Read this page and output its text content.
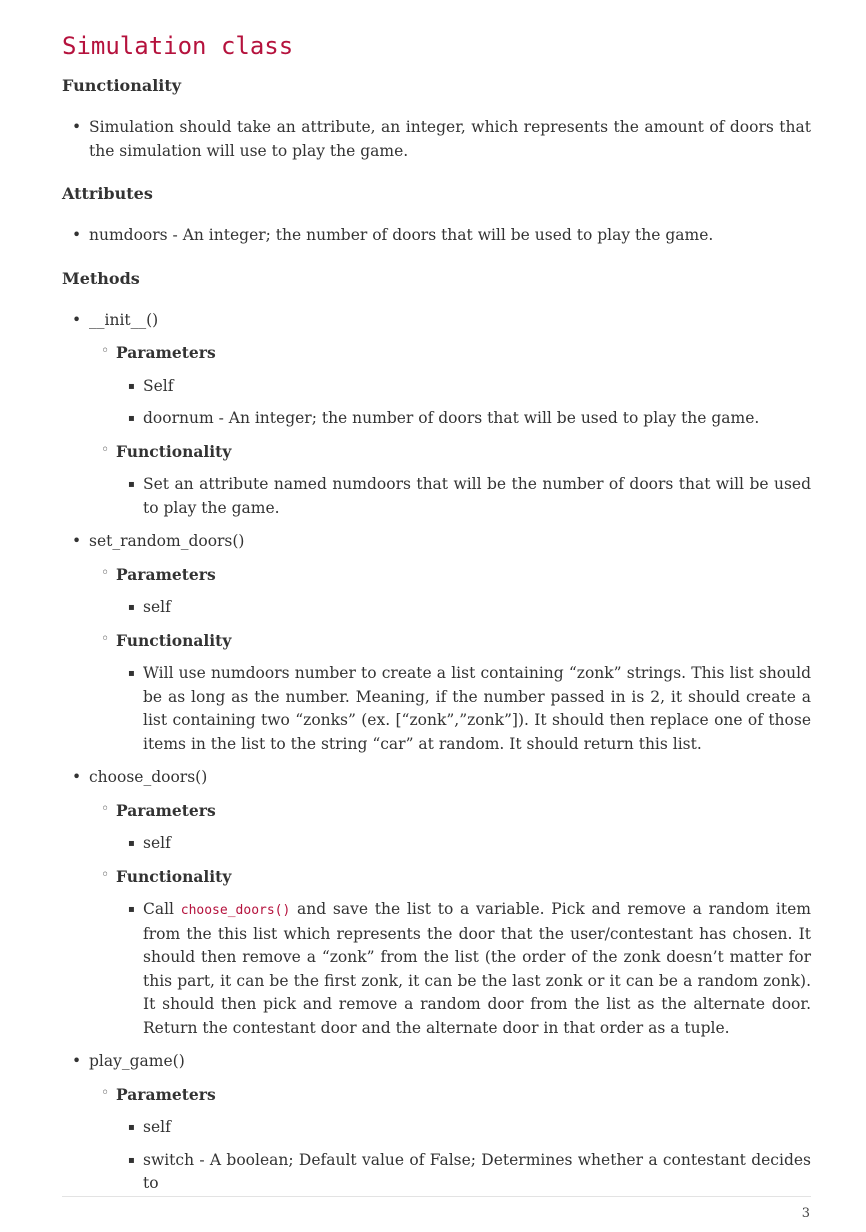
Simulation class
Functionality
• Simulation should take an attribute, an integer, which represents the amount of doors that the simulation will use to play the game.
Attributes
• numdoors - An integer; the number of doors that will be used to play the game.
Methods
• __init__()
◦ Parameters
▪ Self
▪ doornum - An integer; the number of doors that will be used to play the game.
◦ Functionality
▪ Set an attribute named numdoors that will be the number of doors that will be used to play the game.
• set_random_doors()
◦ Parameters
▪ self
◦ Functionality
▪ Will use numdoors number to create a list containing “zonk” strings. This list should be as long as the number. Meaning, if the number passed in is 2, it should create a list containing two “zonks” (ex. [“zonk”,”zonk”]). It should then replace one of those items in the list to the string “car” at random. It should return this list.
• choose_doors()
◦ Parameters
▪ self
◦ Functionality
▪ Call choose_doors() and save the list to a variable. Pick and remove a random item from the this list which represents the door that the user/contestant has chosen. It should then remove a “zonk” from the list (the order of the zonk doesn’t matter for this part, it can be the first zonk, it can be the last zonk or it can be a random zonk). It should then pick and remove a random door from the list as the alternate door. Return the contestant door and the alternate door in that order as a tuple.
• play_game()
◦ Parameters
▪ self
▪ switch - A boolean; Default value of False; Determines whether a contestant decides to
3
